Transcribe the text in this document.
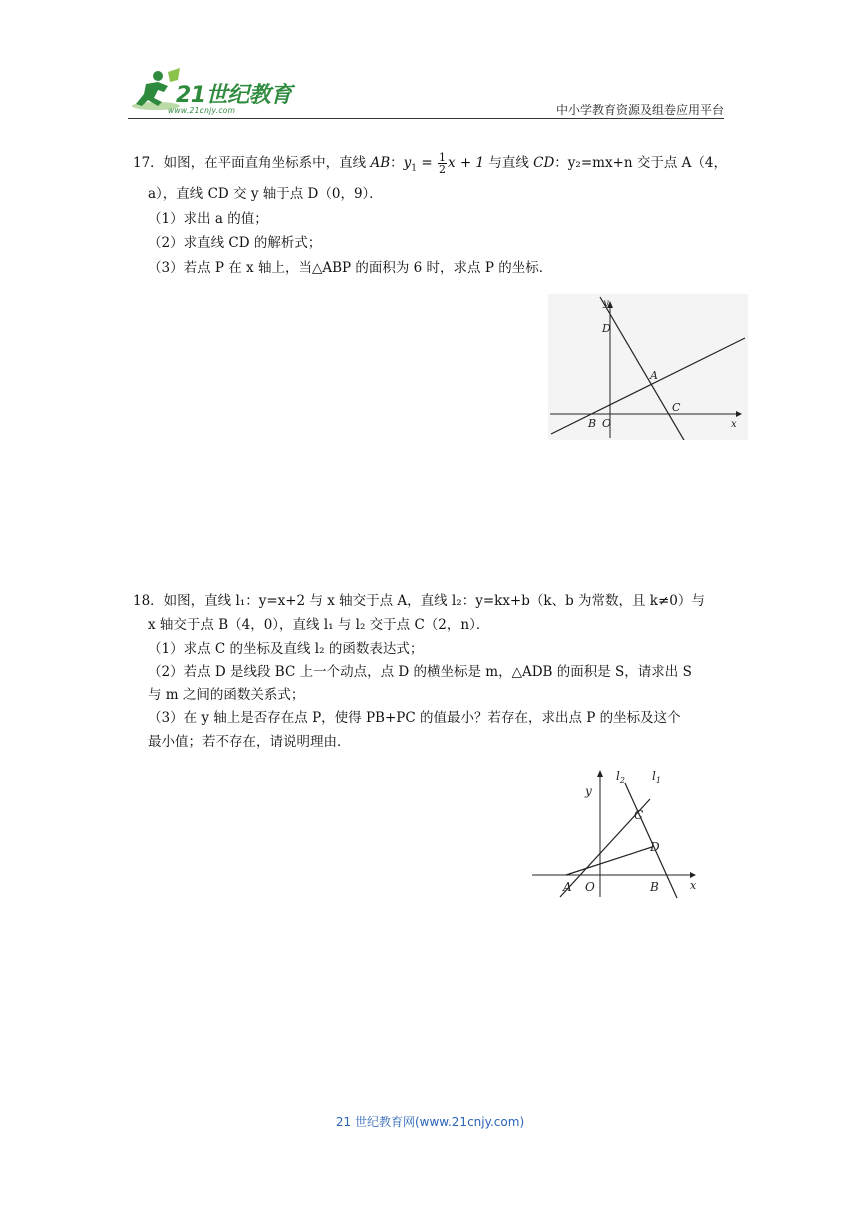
21世纪教育
www.21cnjy.com	中小学教育资源及组卷应用平台
17．如图，在平面直角坐标系中，直线 AB：$y_1 = \frac{1}{2}$ x + 1 与直线 CD：y₂=mx+n 交于点 A（4，
a），直线 CD 交 y 轴于点 D（0，9）．
（1）求出 a 的值；
（2）求直线 CD 的解析式；
（3）若点 P 在 x 轴上，当△ABP 的面积为 6 时，求点 P 的坐标．
y
D
A
C
B O	x
18．如图，直线 l₁：y=x+2 与 x 轴交于点 A，直线 l₂：y=kx+b（k、b 为常数，且 k≠0）与
x 轴交于点 B（4，0），直线 l₁ 与 l₂ 交于点 C（2，n）．
（1）求点 C 的坐标及直线 l₂ 的函数表达式；
（2）若点 D 是线段 BC 上一个动点，点 D 的横坐标是 m，△ADB 的面积是 S，请求出 S
与 m 之间的函数关系式；
（3）在 y 轴上是否存在点 P，使得 PB+PC 的值最小？若存在，求出点 P 的坐标及这个
最小值；若不存在，请说明理由．
$l_2$ $l_1$
y
C
D
A O	B	x
21 世纪教育网(www.21cnjy.com)
